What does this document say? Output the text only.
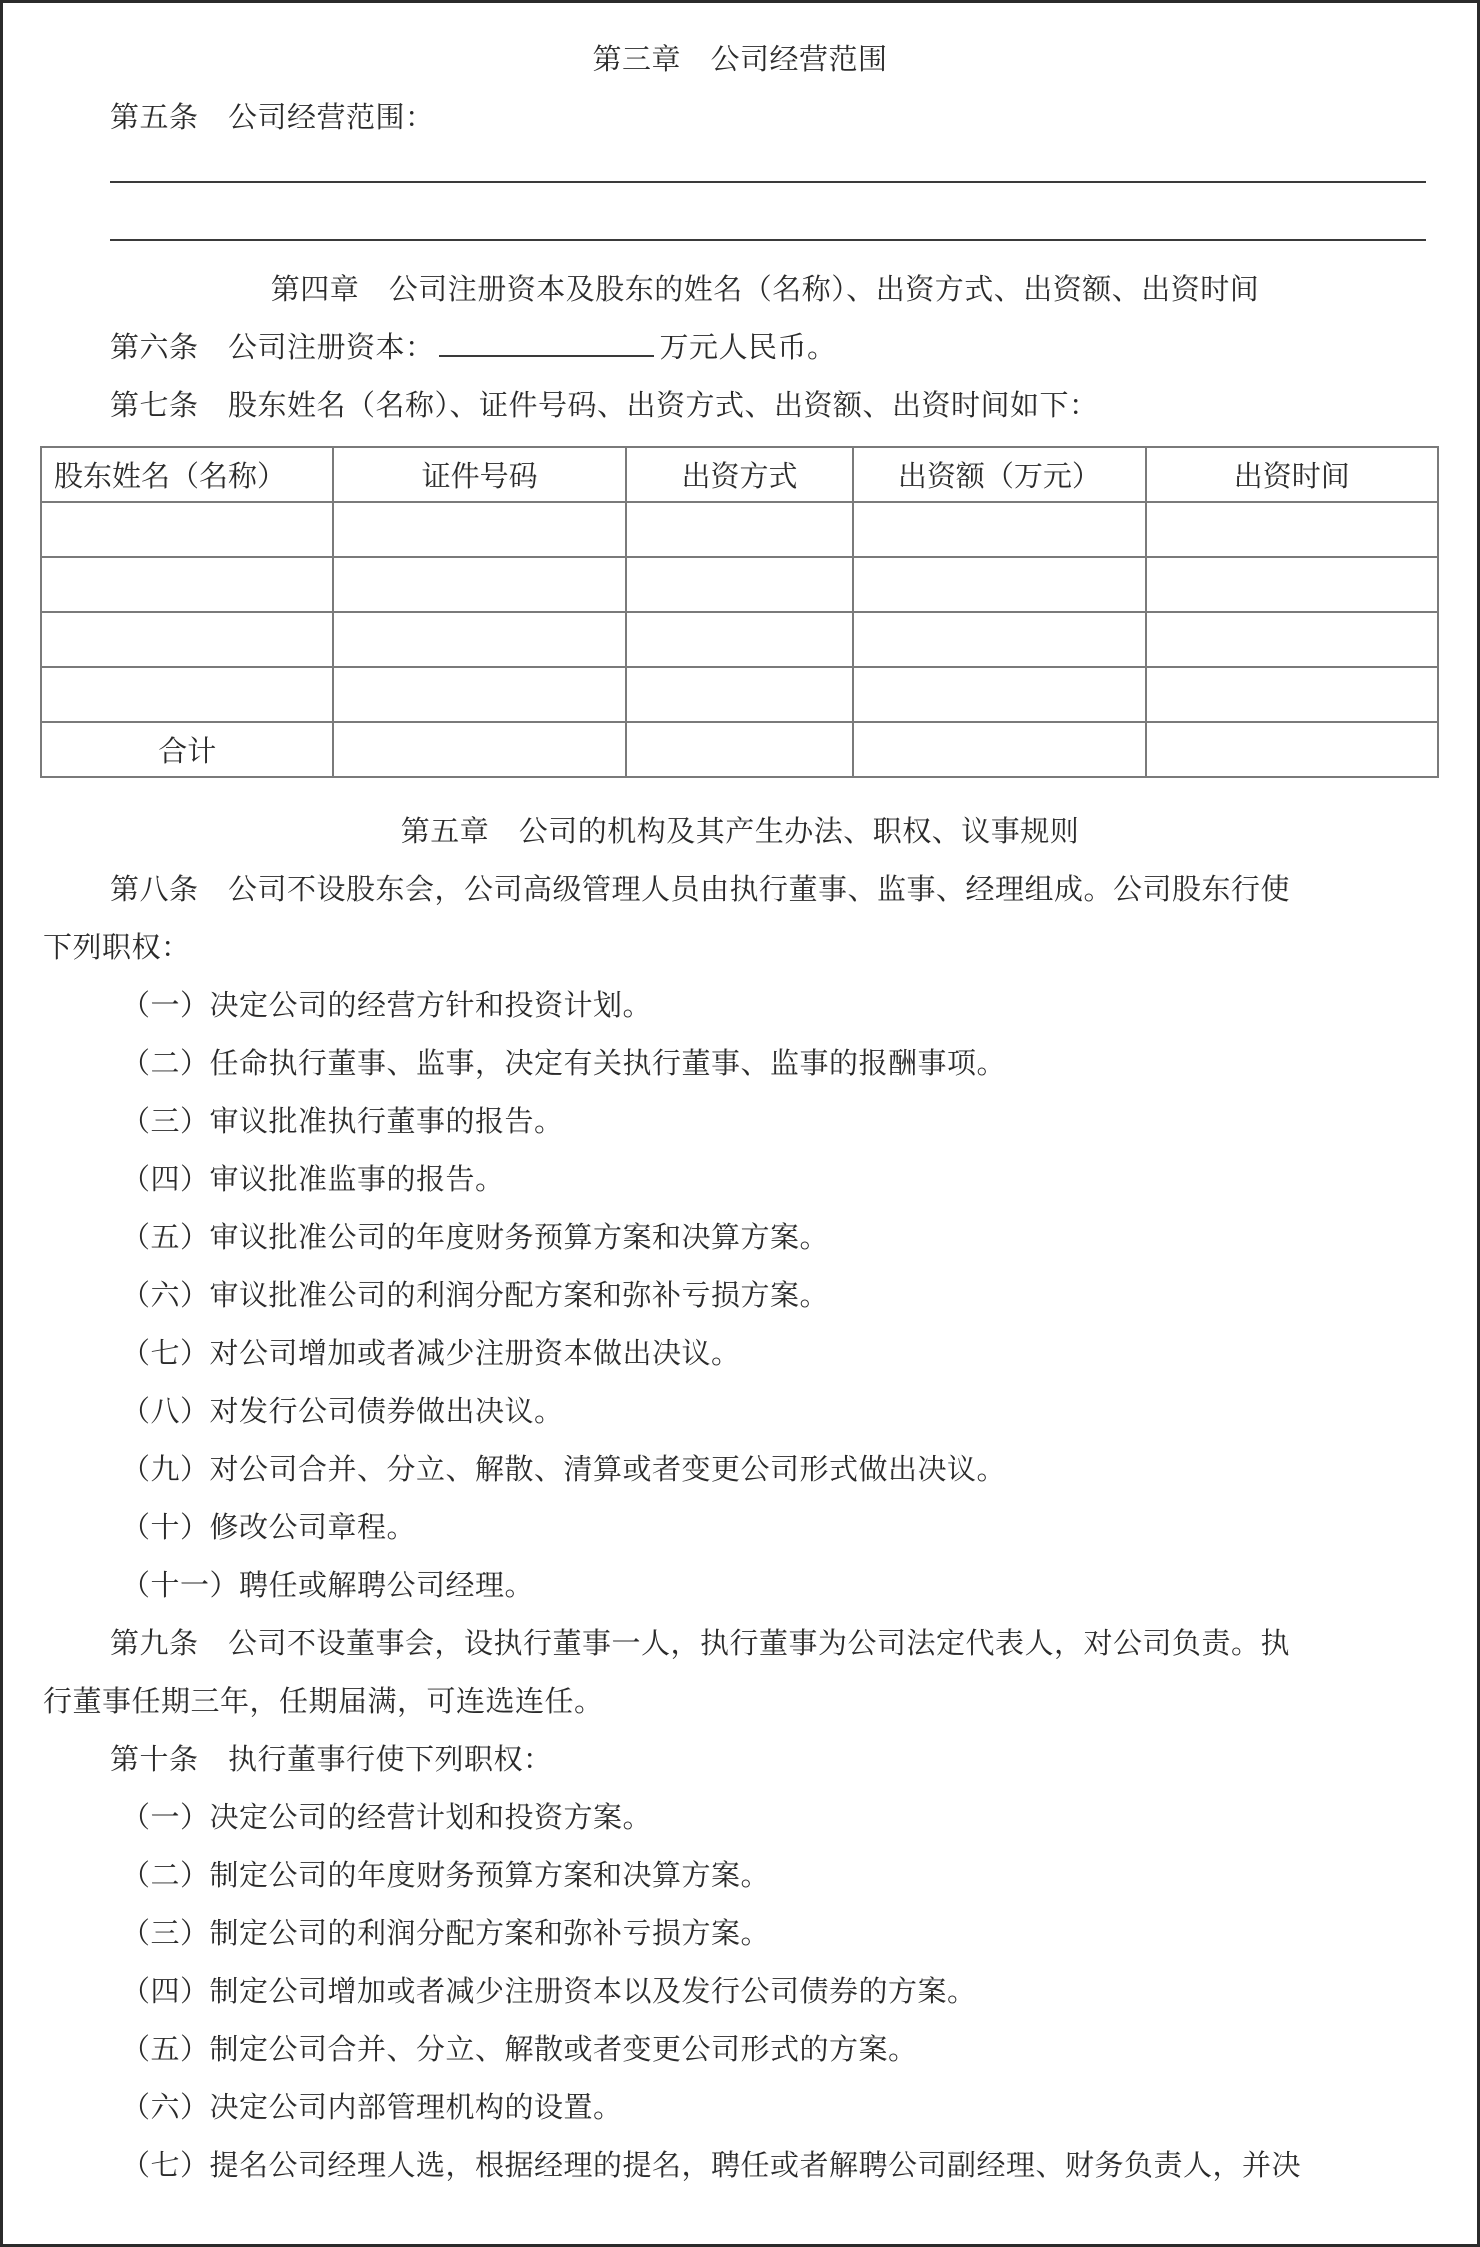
第三章　公司经营范围
第五条　公司经营范围：
第四章　公司注册资本及股东的姓名（名称）、出资方式、出资额、出资时间
第六条　公司注册资本：	万元人民币。
第七条　股东姓名（名称）、证件号码、出资方式、出资额、出资时间如下：
股东姓名（名称）	证件号码	出资方式	出资额（万元）	出资时间

合计				
第五章　公司的机构及其产生办法、职权、议事规则
第八条　公司不设股东会，公司高级管理人员由执行董事、监事、经理组成。公司股东行使
下列职权：
（一）决定公司的经营方针和投资计划。
（二）任命执行董事、监事，决定有关执行董事、监事的报酬事项。
（三）审议批准执行董事的报告。
（四）审议批准监事的报告。
（五）审议批准公司的年度财务预算方案和决算方案。
（六）审议批准公司的利润分配方案和弥补亏损方案。
（七）对公司增加或者减少注册资本做出决议。
（八）对发行公司债券做出决议。
（九）对公司合并、分立、解散、清算或者变更公司形式做出决议。
（十）修改公司章程。
（十一）聘任或解聘公司经理。
第九条　公司不设董事会，设执行董事一人，执行董事为公司法定代表人，对公司负责。执
行董事任期三年，任期届满，可连选连任。
第十条　执行董事行使下列职权：
（一）决定公司的经营计划和投资方案。
（二）制定公司的年度财务预算方案和决算方案。
（三）制定公司的利润分配方案和弥补亏损方案。
（四）制定公司增加或者减少注册资本以及发行公司债券的方案。
（五）制定公司合并、分立、解散或者变更公司形式的方案。
（六）决定公司内部管理机构的设置。
（七）提名公司经理人选，根据经理的提名，聘任或者解聘公司副经理、财务负责人，并决
